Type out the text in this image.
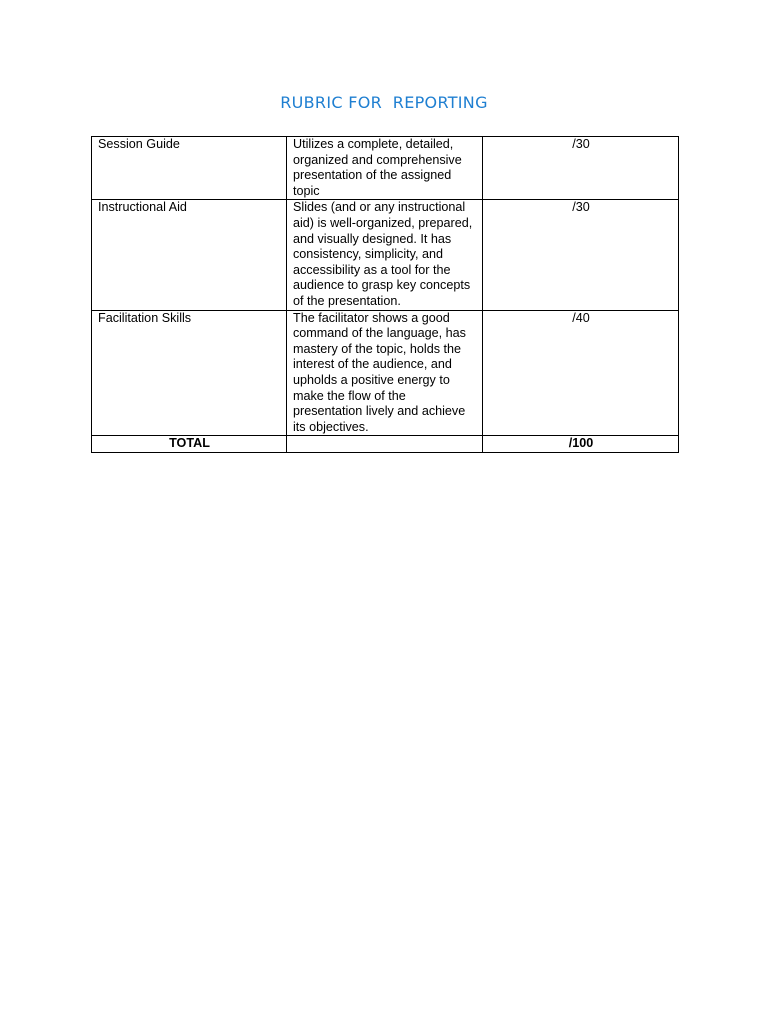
RUBRIC FOR  REPORTING
Session Guide	Utilizes a complete, detailed, organized and comprehensive presentation of the assigned topic	/30
Instructional Aid	Slides (and or any instructional aid) is well-organized, prepared, and visually designed. It has consistency, simplicity, and accessibility as a tool for the audience to grasp key concepts of the presentation.	/30
Facilitation Skills	The facilitator shows a good command of the language, has mastery of the topic, holds the interest of the audience, and upholds a positive energy to make the flow of the presentation lively and achieve its objectives.	/40
TOTAL		/100
